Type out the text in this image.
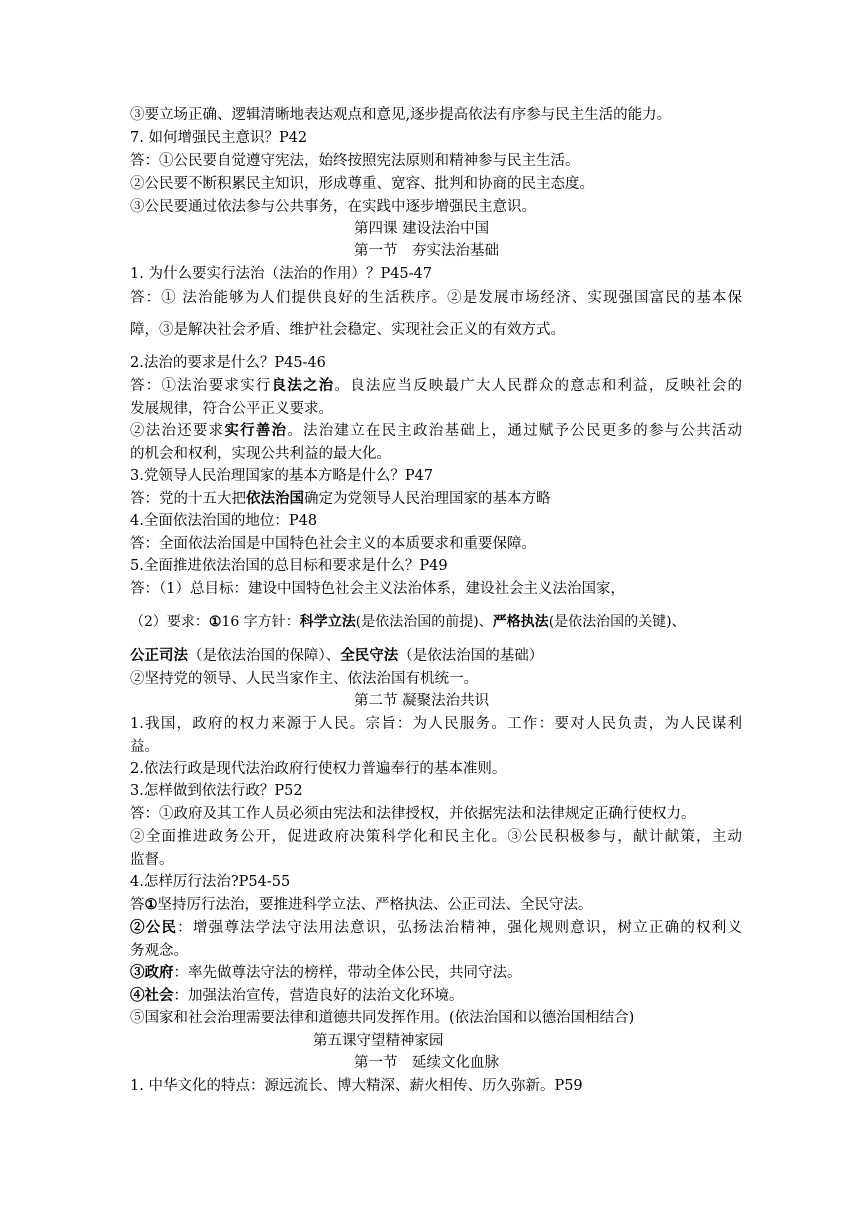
③要立场正确、逻辑清晰地表达观点和意见,逐步提高依法有序参与民主生活的能力。
7. 如何增强民主意识？P42
答：①公民要自觉遵守宪法，始终按照宪法原则和精神参与民主生活。
②公民要不断积累民主知识，形成尊重、宽容、批判和协商的民主态度。
③公民要通过依法参与公共事务，在实践中逐步增强民主意识。
第四课 建设法治中国
第一节　夯实法治基础
1. 为什么要实行法治（法治的作用）？P45-47
答：① 法治能够为人们提供良好的生活秩序。②是发展市场经济、实现强国富民的基本保
障，③是解决社会矛盾、维护社会稳定、实现社会正义的有效方式。
2.法治的要求是什么？P45-46
答：①法治要求实行良法之治。良法应当反映最广大人民群众的意志和利益，反映社会的
发展规律，符合公平正义要求。
②法治还要求实行善治。法治建立在民主政治基础上，通过赋予公民更多的参与公共活动
的机会和权利，实现公共利益的最大化。
3.党领导人民治理国家的基本方略是什么？P47
答：党的十五大把依法治国确定为党领导人民治理国家的基本方略
4.全面依法治国的地位：P48
答：全面依法治国是中国特色社会主义的本质要求和重要保障。
5.全面推进依法治国的总目标和要求是什么？P49
答：（1）总目标：建设中国特色社会主义法治体系，建设社会主义法治国家，
（2）要求：①16 字方针：科学立法(是依法治国的前提)、严格执法(是依法治国的关键)、
公正司法（是依法治国的保障）、全民守法（是依法治国的基础）
②坚持党的领导、人民当家作主、依法治国有机统一。
第二节 凝聚法治共识
1.我国，政府的权力来源于人民。宗旨：为人民服务。工作：要对人民负责，为人民谋利
益。
2.依法行政是现代法治政府行使权力普遍奉行的基本准则。
3.怎样做到依法行政？P52
答：①政府及其工作人员必须由宪法和法律授权，并依据宪法和法律规定正确行使权力。
②全面推进政务公开，促进政府决策科学化和民主化。③公民积极参与，献计献策，主动
监督。
4.怎样厉行法治?P54-55
答①坚持厉行法治，要推进科学立法、严格执法、公正司法、全民守法。
②公民：增强尊法学法守法用法意识，弘扬法治精神，强化规则意识，树立正确的权利义
务观念。
③政府：率先做尊法守法的榜样，带动全体公民，共同守法。
④社会：加强法治宣传，营造良好的法治文化环境。
⑤国家和社会治理需要法律和道德共同发挥作用。(依法治国和以德治国相结合)
第五课守望精神家园
第一节　延续文化血脉
1. 中华文化的特点：源远流长、博大精深、薪火相传、历久弥新。P59
